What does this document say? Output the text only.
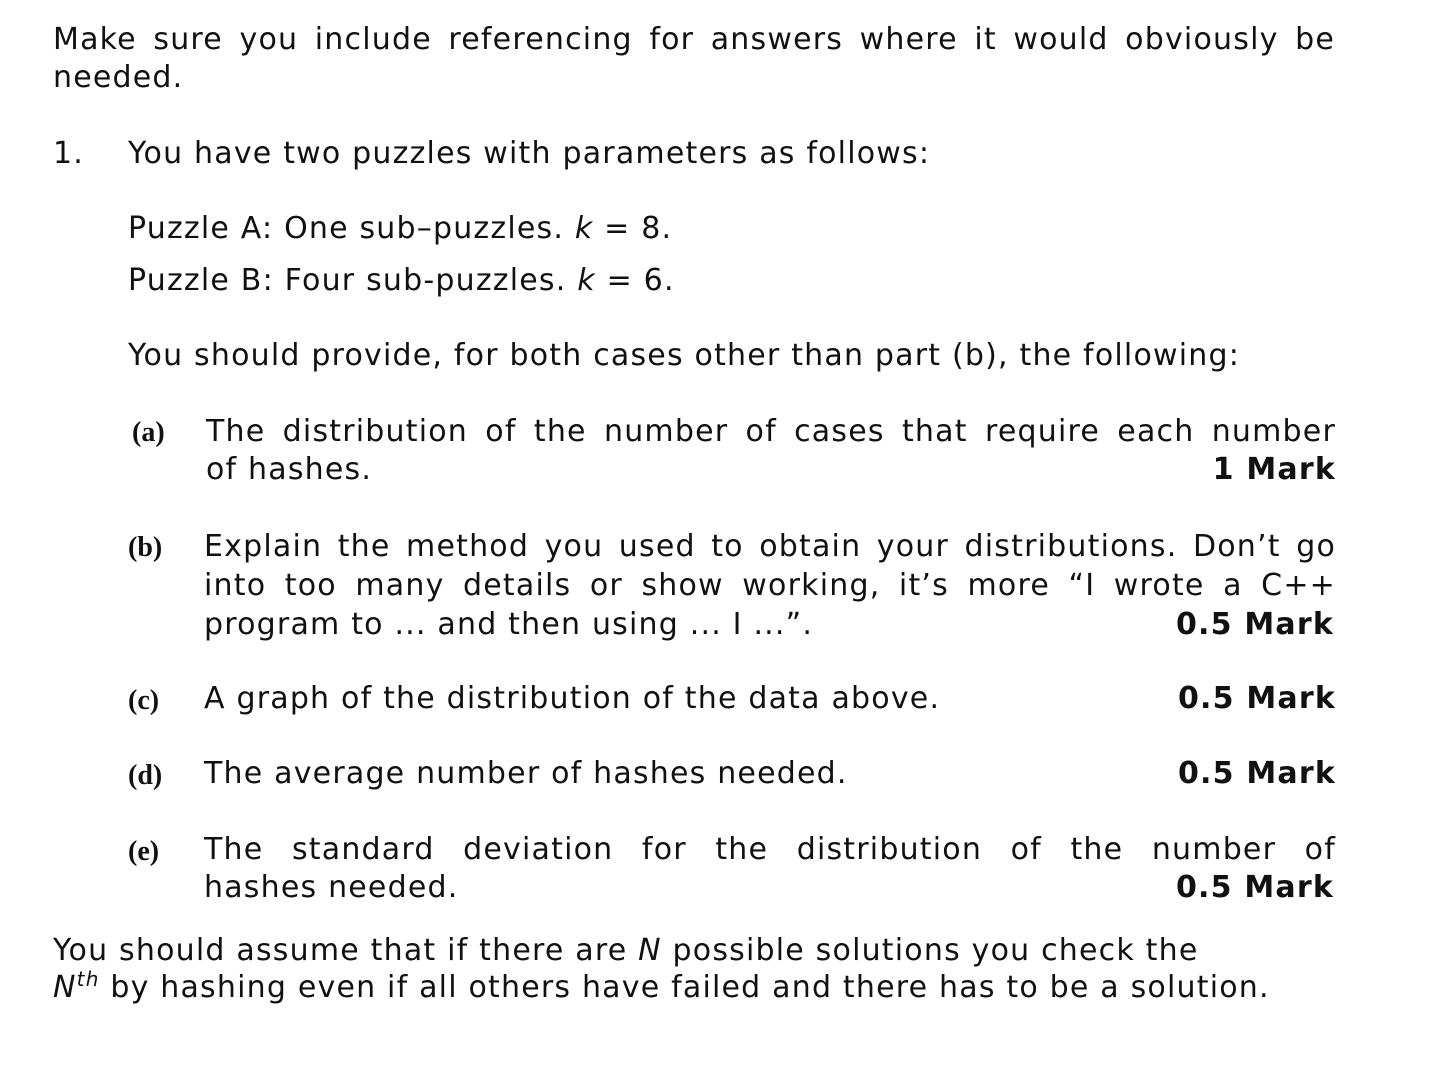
Make sure you include referencing for answers where it would obviously be
needed.
1. You have two puzzles with parameters as follows:
Puzzle A: One sub–puzzles. k = 8.
Puzzle B: Four sub-puzzles. k = 6.
You should provide, for both cases other than part (b), the following:
(a) The distribution of the number of cases that require each number
of hashes.	1 Mark
(b) Explain the method you used to obtain your distributions. Don’t go
into too many details or show working, it’s more “I wrote a C++
program to ... and then using ... I ...”.	0.5 Mark
(c) A graph of the distribution of the data above.	0.5 Mark
(d) The average number of hashes needed.	0.5 Mark
(e) The standard deviation for the distribution of the number of
hashes needed.	0.5 Mark
You should assume that if there are N possible solutions you check the
$N^{th}$ by hashing even if all others have failed and there has to be a solution.
